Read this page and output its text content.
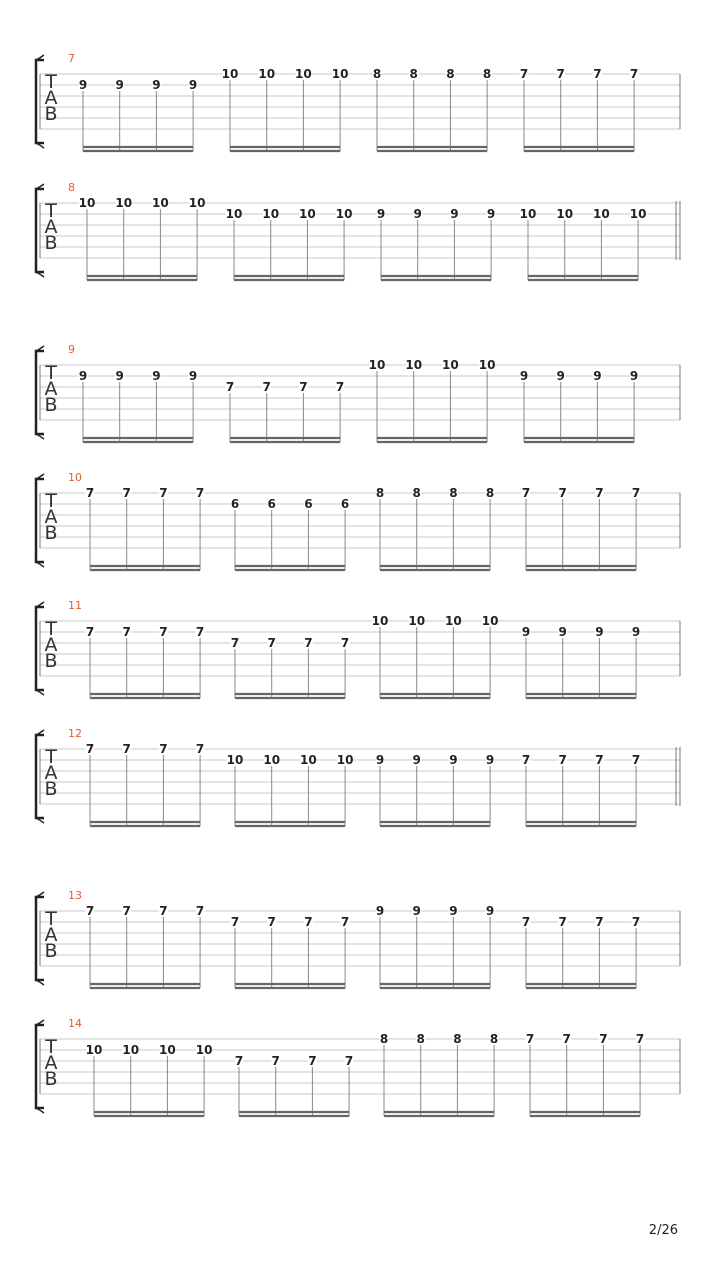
2/26
7
T
A
B
9 9 9 9
10 10 10 10 8 8 8 8 7 7 7 7
8
T
A
B
10 10 10 10
10 10 10 10 9 9 9 9 10 10 10 10
9
T
A
B
9 9 9 9
7 7 7 7
10 10 10 10
9 9 9 9
10
T
A
B
7 7 7 7
6 6 6 6
8 8 8 8 7 7 7 7
11
T
A
B
7 7 7 7
7 7 7 7
10 10 10 10
9 9 9 9
12
T
A
B
7 7 7 7
10 10 10 10 9 9 9 9 7 7 7 7
13
T
A
B
7 7 7 7
7 7 7 7
9 9 9 9
7 7 7 7
14
T
A
B
10 10 10 10
7 7 7 7
8 8 8 8 7 7 7 7
